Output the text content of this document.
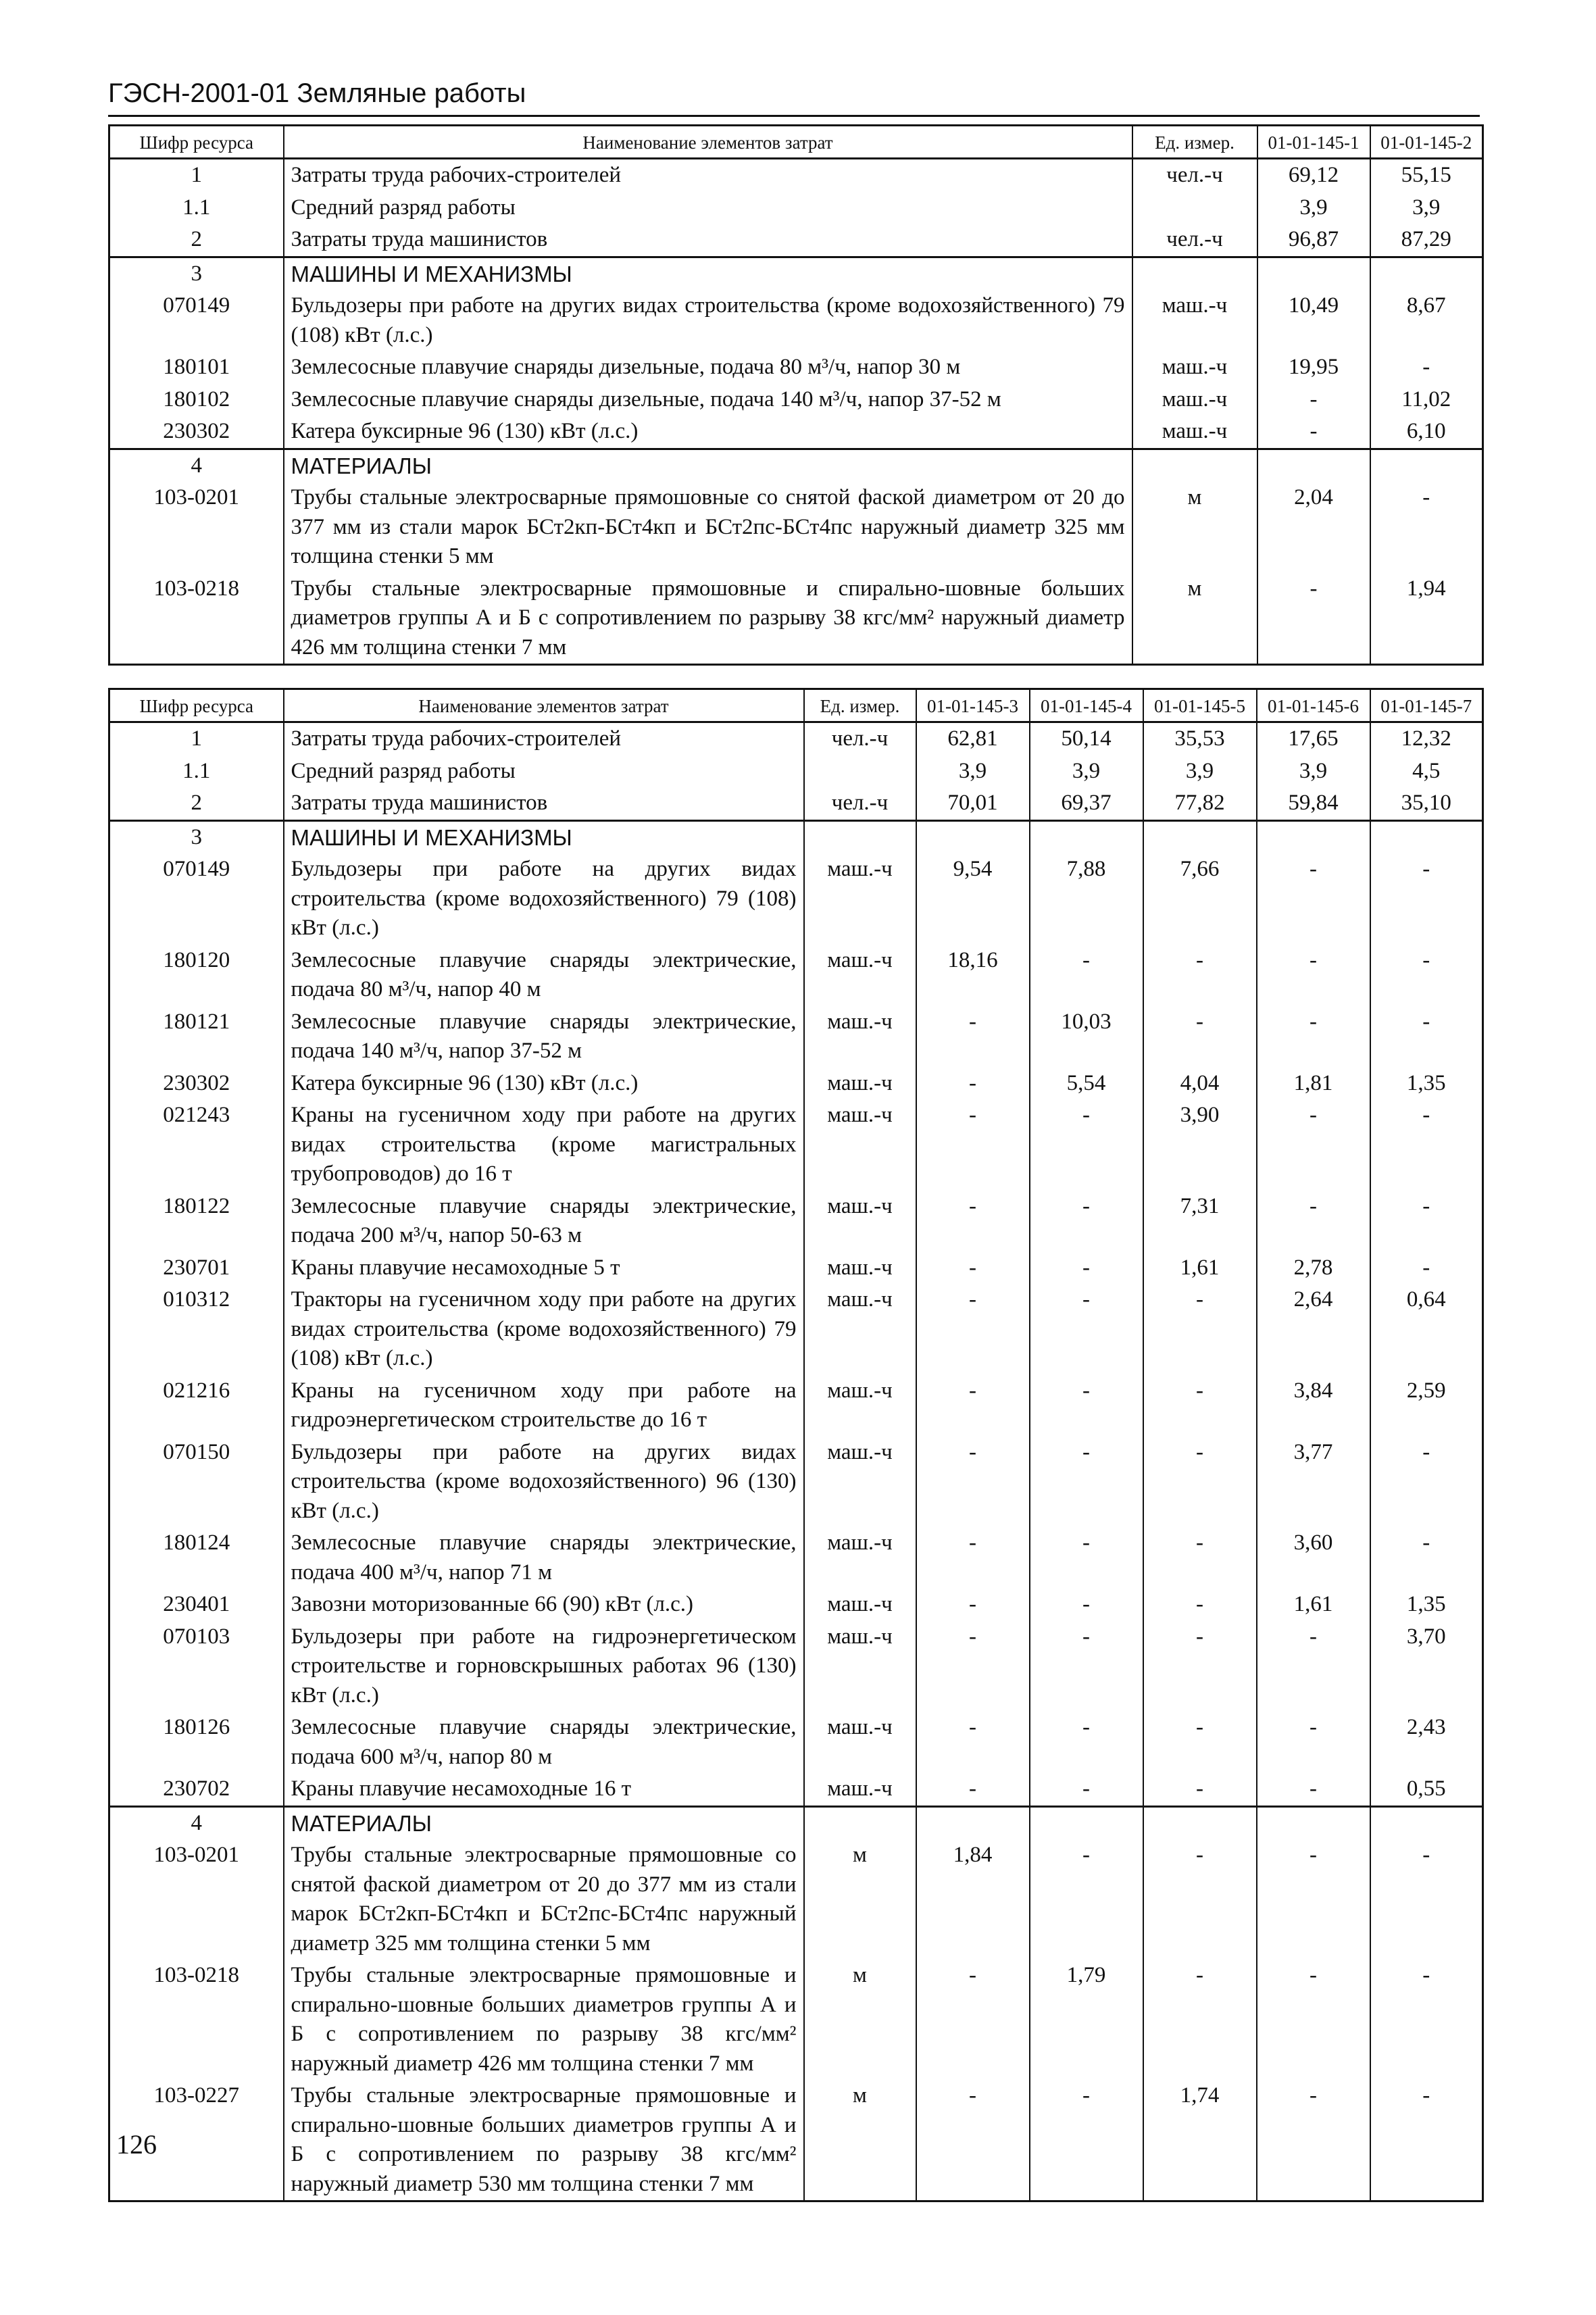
ГЭСН-2001-01 Земляные работы
Шифр ресурса	Наименование элементов затрат	Ед. измер.	01-01-145-1	01-01-145-2
1	Затраты труда рабочих-строителей	чел.-ч	69,12	55,15
1.1	Средний разряд работы		3,9	3,9
2	Затраты труда машинистов	чел.-ч	96,87	87,29
3	МАШИНЫ И МЕХАНИЗМЫ			
070149	Бульдозеры при работе на других видах строительства (кроме водохозяйственного) 79 (108) кВт (л.с.)	маш.-ч	10,49	8,67
180101	Землесосные плавучие снаряды дизельные, подача 80 м³/ч, напор 30 м	маш.-ч	19,95	-
180102	Землесосные плавучие снаряды дизельные, подача 140 м³/ч, напор 37-52 м	маш.-ч	-	11,02
230302	Катера буксирные 96 (130) кВт (л.с.)	маш.-ч	-	6,10
4	МАТЕРИАЛЫ			
103-0201	Трубы стальные электросварные прямошовные со снятой фаской диаметром от 20 до 377 мм из стали марок БСт2кп-БСт4кп и БСт2пс-БСт4пс наружный диаметр 325 мм толщина стенки 5 мм	м	2,04	-
103-0218	Трубы стальные электросварные прямошовные и спирально-шовные больших диаметров группы А и Б с сопротивлением по разрыву 38 кгс/мм² наружный диаметр 426 мм толщина стенки 7 мм	м	-	1,94
Шифр ресурса	Наименование элементов затрат	Ед. измер.	01-01-145-3	01-01-145-4	01-01-145-5	01-01-145-6	01-01-145-7
1	Затраты труда рабочих-строителей	чел.-ч	62,81	50,14	35,53	17,65	12,32
1.1	Средний разряд работы		3,9	3,9	3,9	3,9	4,5
2	Затраты труда машинистов	чел.-ч	70,01	69,37	77,82	59,84	35,10
3	МАШИНЫ И МЕХАНИЗМЫ						
070149	Бульдозеры при работе на других видах строительства (кроме водохозяйственного) 79 (108) кВт (л.с.)	маш.-ч	9,54	7,88	7,66	-	-
180120	Землесосные плавучие снаряды электрические, подача 80 м³/ч, напор 40 м	маш.-ч	18,16	-	-	-	-
180121	Землесосные плавучие снаряды электрические, подача 140 м³/ч, напор 37-52 м	маш.-ч	-	10,03	-	-	-
230302	Катера буксирные 96 (130) кВт (л.с.)	маш.-ч	-	5,54	4,04	1,81	1,35
021243	Краны на гусеничном ходу при работе на других видах строительства (кроме магистральных трубопроводов) до 16 т	маш.-ч	-	-	3,90	-	-
180122	Землесосные плавучие снаряды электрические, подача 200 м³/ч, напор 50-63 м	маш.-ч	-	-	7,31	-	-
230701	Краны плавучие несамоходные 5 т	маш.-ч	-	-	1,61	2,78	-
010312	Тракторы на гусеничном ходу при работе на других видах строительства (кроме водохозяйственного) 79 (108) кВт (л.с.)	маш.-ч	-	-	-	2,64	0,64
021216	Краны на гусеничном ходу при работе на гидроэнергетическом строительстве до 16 т	маш.-ч	-	-	-	3,84	2,59
070150	Бульдозеры при работе на других видах строительства (кроме водохозяйственного) 96 (130) кВт (л.с.)	маш.-ч	-	-	-	3,77	-
180124	Землесосные плавучие снаряды электрические, подача 400 м³/ч, напор 71 м	маш.-ч	-	-	-	3,60	-
230401	Завозни моторизованные 66 (90) кВт (л.с.)	маш.-ч	-	-	-	1,61	1,35
070103	Бульдозеры при работе на гидроэнергетическом строительстве и горновскрышных работах 96 (130) кВт (л.с.)	маш.-ч	-	-	-	-	3,70
180126	Землесосные плавучие снаряды электрические, подача 600 м³/ч, напор 80 м	маш.-ч	-	-	-	-	2,43
230702	Краны плавучие несамоходные 16 т	маш.-ч	-	-	-	-	0,55
4	МАТЕРИАЛЫ						
103-0201	Трубы стальные электросварные прямошовные со снятой фаской диаметром от 20 до 377 мм из стали марок БСт2кп-БСт4кп и БСт2пс-БСт4пс наружный диаметр 325 мм толщина стенки 5 мм	м	1,84	-	-	-	-
103-0218	Трубы стальные электросварные прямошовные и спирально-шовные больших диаметров группы А и Б с сопротивлением по разрыву 38 кгс/мм² наружный диаметр 426 мм толщина стенки 7 мм	м	-	1,79	-	-	-
103-0227	Трубы стальные электросварные прямошовные и спирально-шовные больших диаметров группы А и Б с сопротивлением по разрыву 38 кгс/мм² наружный диаметр 530 мм толщина стенки 7 мм	м	-	-	1,74	-	-
126
